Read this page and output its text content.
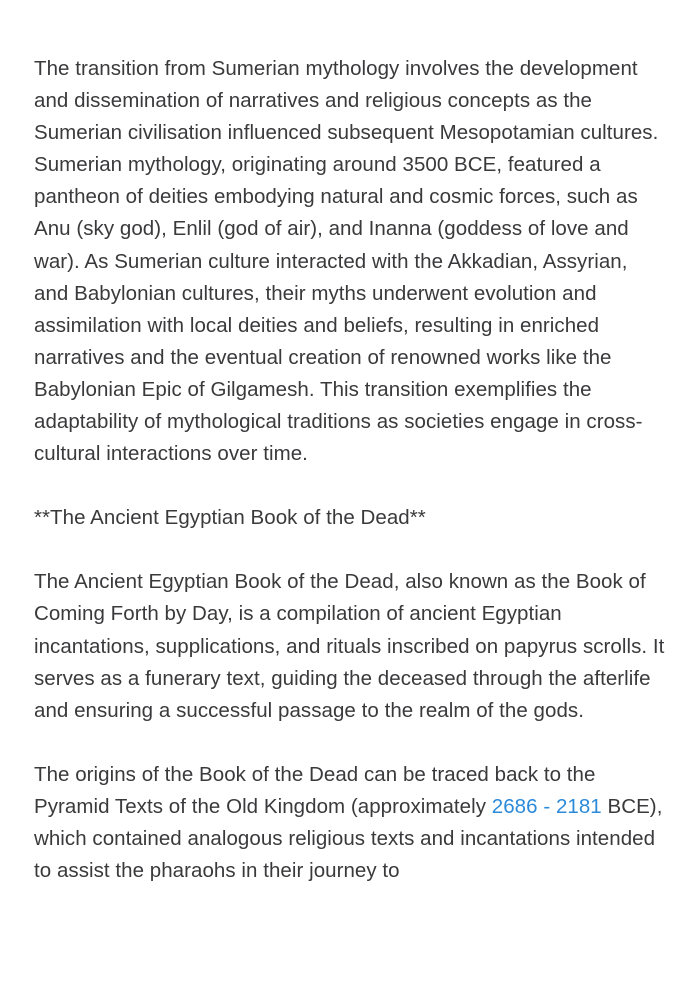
The transition from Sumerian mythology involves the development and dissemination of narratives and religious concepts as the Sumerian civilisation influenced subsequent Mesopotamian cultures. Sumerian mythology, originating around 3500 BCE, featured a pantheon of deities embodying natural and cosmic forces, such as Anu (sky god), Enlil (god of air), and Inanna (goddess of love and war). As Sumerian culture interacted with the Akkadian, Assyrian, and Babylonian cultures, their myths underwent evolution and assimilation with local deities and beliefs, resulting in enriched narratives and the eventual creation of renowned works like the Babylonian Epic of Gilgamesh. This transition exemplifies the adaptability of mythological traditions as societies engage in cross-cultural interactions over time.

**The Ancient Egyptian Book of the Dead**

The Ancient Egyptian Book of the Dead, also known as the Book of Coming Forth by Day, is a compilation of ancient Egyptian incantations, supplications, and rituals inscribed on papyrus scrolls. It serves as a funerary text, guiding the deceased through the afterlife and ensuring a successful passage to the realm of the gods.

The origins of the Book of the Dead can be traced back to the Pyramid Texts of the Old Kingdom (approximately 2686 - 2181 BCE), which contained analogous religious texts and incantations intended to assist the pharaohs in their journey to
